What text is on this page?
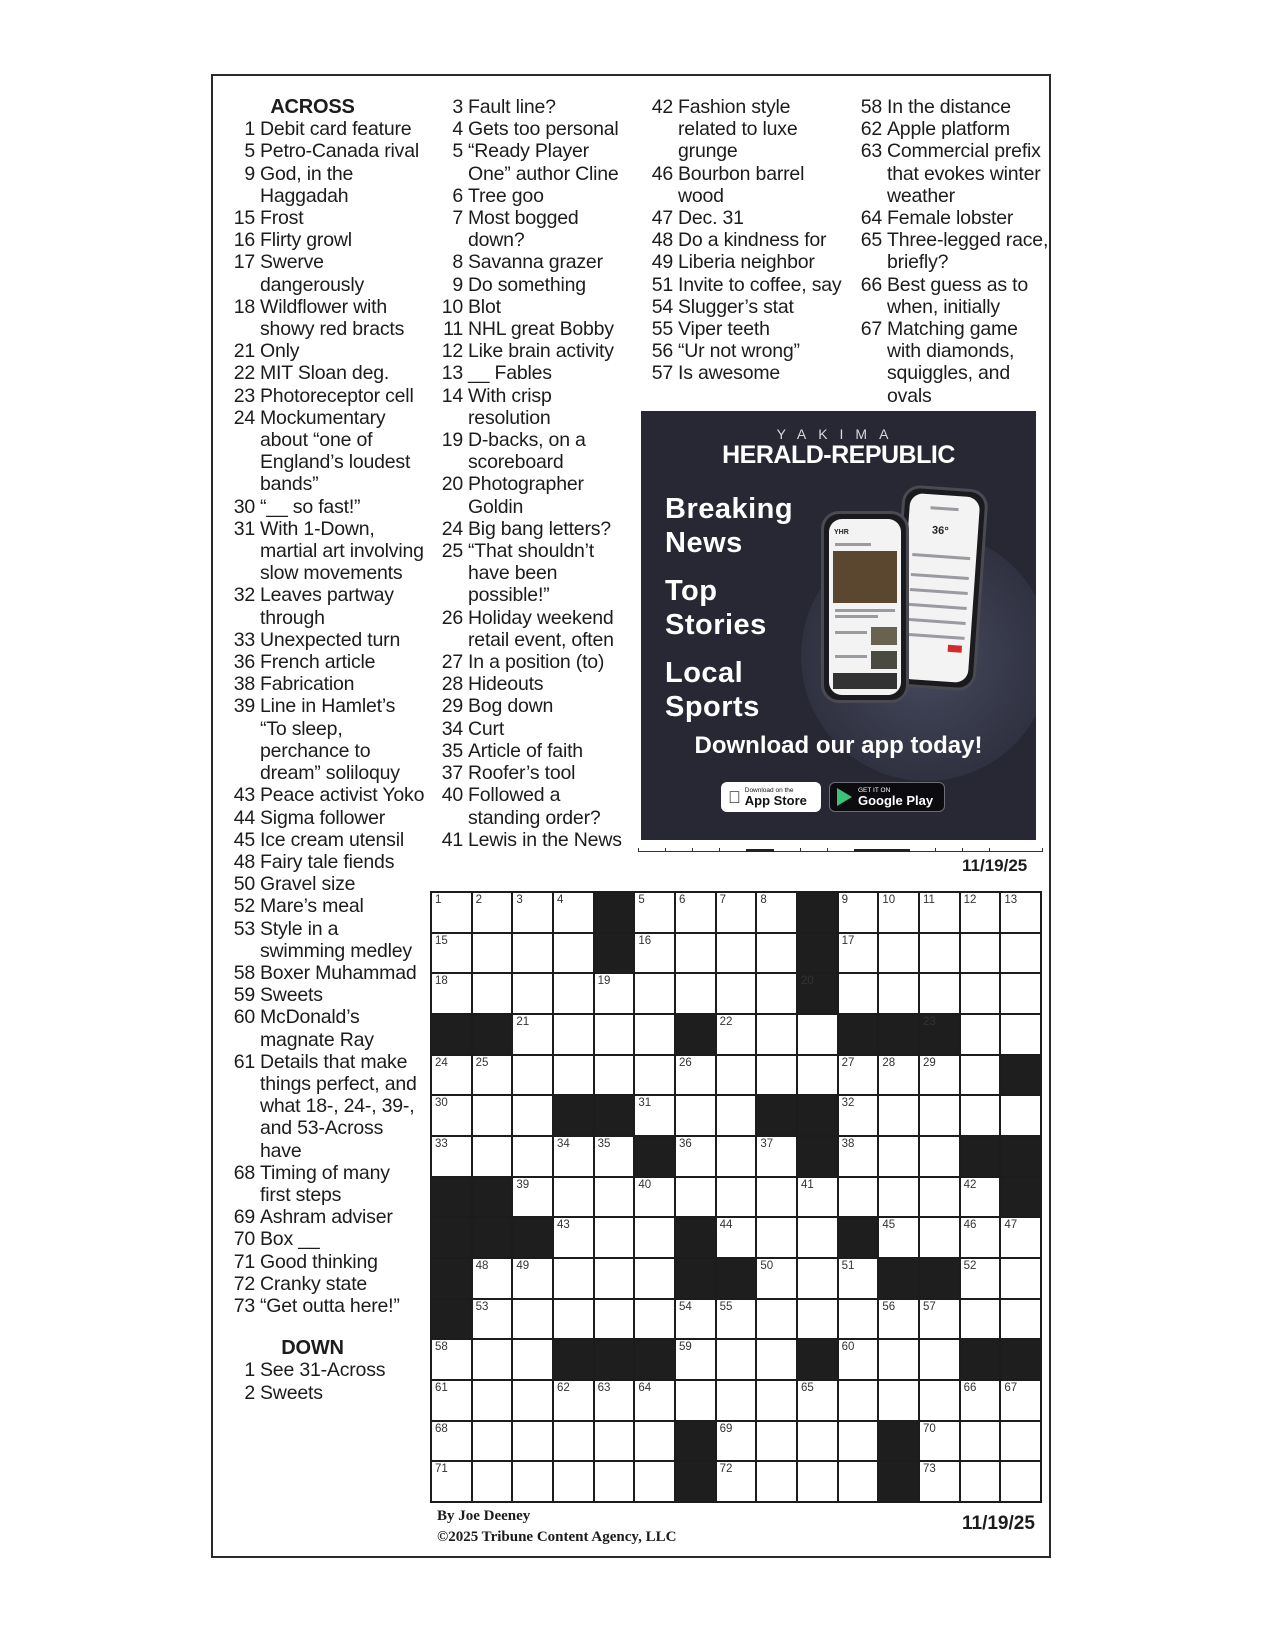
ACROSS
1 Debit card feature
5 Petro-Canada rival
9 God, in the Haggadah
15 Frost
16 Flirty growl
17 Swerve dangerously
18 Wildflower with showy red bracts
21 Only
22 MIT Sloan deg.
23 Photoreceptor cell
24 Mockumentary about “one of England’s loudest bands”
30 “__ so fast!”
31 With 1-Down, martial art involving slow movements
32 Leaves partway through
33 Unexpected turn
36 French article
38 Fabrication
39 Line in Hamlet’s “To sleep, perchance to dream” soliloquy
43 Peace activist Yoko
44 Sigma follower
45 Ice cream utensil
48 Fairy tale fiends
50 Gravel size
52 Mare’s meal
53 Style in a swimming medley
58 Boxer Muhammad
59 Sweets
60 McDonald’s magnate Ray
61 Details that make things perfect, and what 18-, 24-, 39-, and 53-Across have
68 Timing of many first steps
69 Ashram adviser
70 Box __
71 Good thinking
72 Cranky state
73 “Get outta here!”
DOWN
1 See 31-Across
2 Sweets
3 Fault line?
4 Gets too personal
5 “Ready Player One” author Cline
6 Tree goo
7 Most bogged down?
8 Savanna grazer
9 Do something
10 Blot
11 NHL great Bobby
12 Like brain activity
13 __ Fables
14 With crisp resolution
19 D-backs, on a scoreboard
20 Photographer Goldin
24 Big bang letters?
25 “That shouldn’t have been possible!”
26 Holiday weekend retail event, often
27 In a position (to)
28 Hideouts
29 Bog down
34 Curt
35 Article of faith
37 Roofer’s tool
40 Followed a standing order?
41 Lewis in the News
42 Fashion style related to luxe grunge
46 Bourbon barrel wood
47 Dec. 31
48 Do a kindness for
49 Liberia neighbor
51 Invite to coffee, say
54 Slugger’s stat
55 Viper teeth
56 “Ur not wrong”
57 Is awesome
58 In the distance
62 Apple platform
63 Commercial prefix that evokes winter weather
64 Female lobster
65 Three-legged race, briefly?
66 Best guess as to when, initially
67 Matching game with diamonds, squiggles, and ovals
YAKIMA
HERALD-REPUBLIC
Breaking
News
Top
Stories
Local
Sports
36°
YHR
Download our app today!
Download on the
App Store
GET IT ON
Google Play
11/19/25
1	2	3	4	5	6	7	8	9	10 11 12 13
15	16	17
18	19	20
21	22	23
24 25	26	27 28 29
30	31	32
33	34 35	36	37	38
39	40	41	42
43	44	45	46 47
48 49	50	51	52
53	54 55	56 57
58	59	60
61	62 63 64	65	66 67
68	69	70
71	72	73
By Joe Deeney
©2025 Tribune Content Agency, LLC
11/19/25
